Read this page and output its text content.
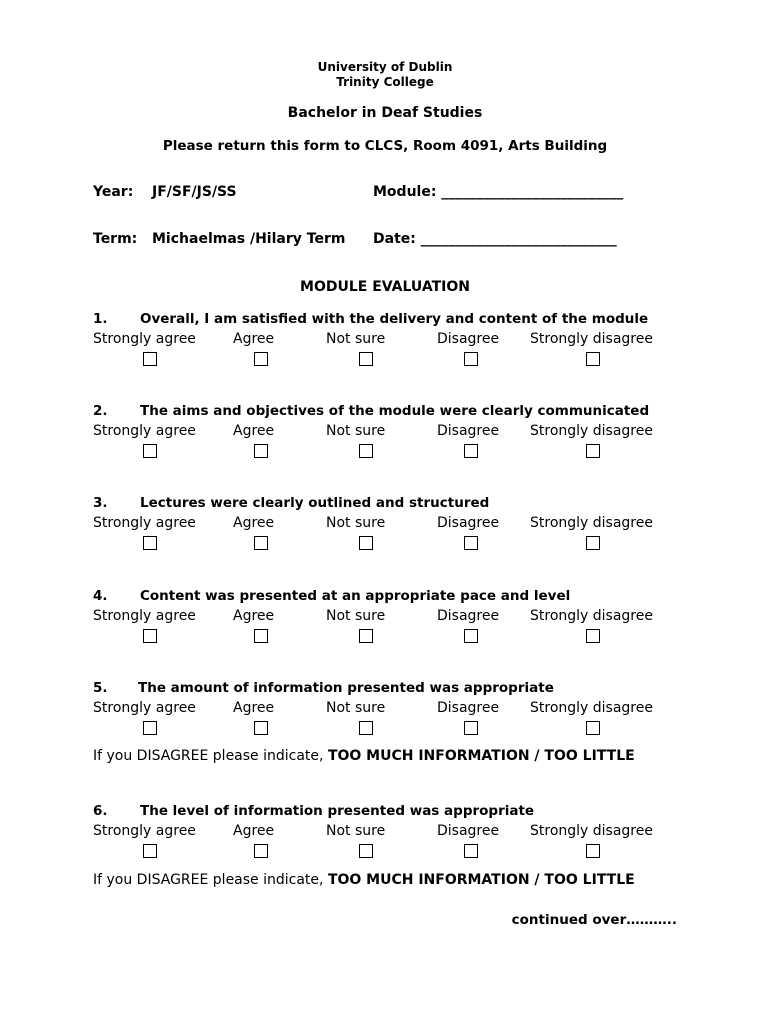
University of Dublin
Trinity College
Bachelor in Deaf Studies
Please return this form to CLCS, Room 4091, Arts Building
Year: JF/SF/JS/SS	Module: __________________________
Term: Michaelmas /Hilary Term Date: ____________________________
MODULE EVALUATION
1. Overall, I am satisfied with the delivery and content of the module
Strongly agree	Agree	Not sure	Disagree Strongly disagree
2. The aims and objectives of the module were clearly communicated
Strongly agree	Agree	Not sure	Disagree Strongly disagree
3. Lectures were clearly outlined and structured
Strongly agree	Agree	Not sure	Disagree Strongly disagree
4. Content was presented at an appropriate pace and level
Strongly agree	Agree	Not sure	Disagree Strongly disagree
5. The amount of information presented was appropriate
Strongly agree	Agree	Not sure	Disagree Strongly disagree
6. The level of information presented was appropriate
Strongly agree	Agree	Not sure	Disagree Strongly disagree
If you DISAGREE please indicate, TOO MUCH INFORMATION / TOO LITTLE
If you DISAGREE please indicate, TOO MUCH INFORMATION / TOO LITTLE
continued over………..
